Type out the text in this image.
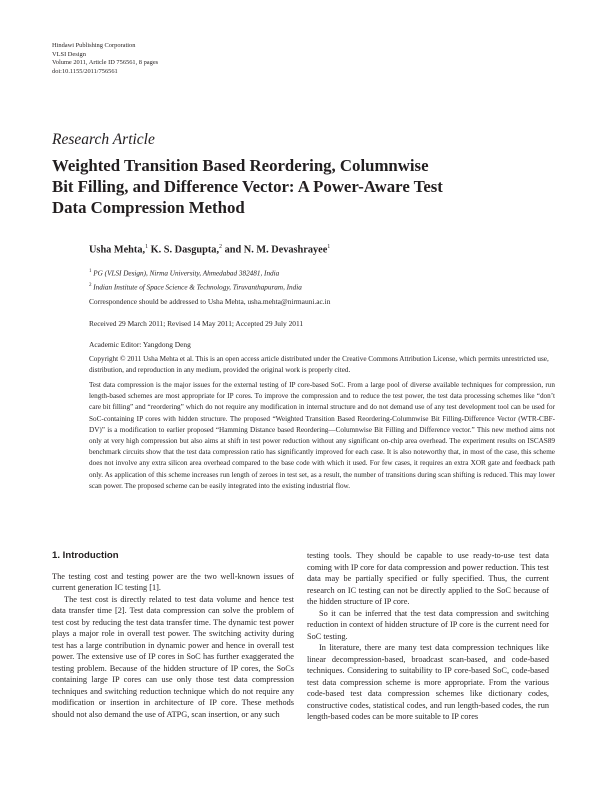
Hindawi Publishing Corporation
VLSI Design
Volume 2011, Article ID 756561, 8 pages
doi:10.1155/2011/756561
Research Article
Weighted Transition Based Reordering, Columnwise
Bit Filling, and Difference Vector: A Power-Aware Test
Data Compression Method
Usha Mehta,$^1$ K. S. Dasgupta,$^2$ and N. M. Devashrayee$^1$
$^1$ PG (VLSI Design), Nirma University, Ahmedabad 382481, India
$^2$ Indian Institute of Space Science & Technology, Tiruvanthapuram, India
Correspondence should be addressed to Usha Mehta, usha.mehta@nirmauni.ac.in
Received 29 March 2011; Revised 14 May 2011; Accepted 29 July 2011
Academic Editor: Yangdong Deng
Copyright © 2011 Usha Mehta et al. This is an open access article distributed under the Creative Commons Attribution License, which permits unrestricted use, distribution, and reproduction in any medium, provided the original work is properly cited.
Test data compression is the major issues for the external testing of IP core-based SoC. From a large pool of diverse available techniques for compression, run length-based schemes are most appropriate for IP cores. To improve the compression and to reduce the test power, the test data processing schemes like “don’t care bit filling” and “reordering” which do not require any modification in internal structure and do not demand use of any test development tool can be used for SoC-containing IP cores with hidden structure. The proposed “Weighted Transition Based Reordering-Columnwise Bit Filling-Difference Vector (WTR-CBF-DV)” is a modification to earlier proposed “Hamming Distance based Reordering—Columnwise Bit Filling and Difference vector.” This new method aims not only at very high compression but also aims at shift in test power reduction without any significant on-chip area overhead. The experiment results on ISCAS89 benchmark circuits show that the test data compression ratio has significantly improved for each case. It is also noteworthy that, in most of the case, this scheme does not involve any extra silicon area overhead compared to the base code with which it used. For few cases, it requires an extra XOR gate and feedback path only. As application of this scheme increases run length of zeroes in test set, as a result, the number of transitions during scan shifting is reduced. This may lower scan power. The proposed scheme can be easily integrated into the existing industrial flow.
1. Introduction

The testing cost and testing power are the two well-known issues of current generation IC testing [1].

The test cost is directly related to test data volume and hence test data transfer time [2]. Test data compression can solve the problem of test cost by reducing the test data transfer time. The dynamic test power plays a major role in overall test power. The switching activity during test has a large contribution in dynamic power and hence in overall test power. The extensive use of IP cores in SoC has further exaggerated the testing problem. Because of the hidden structure of IP cores, the SoCs containing large IP cores can use only those test data compression techniques and switching reduction technique which do not require any modification or insertion in architecture of IP core. These methods should not also demand the use of ATPG, scan insertion, or any such

testing tools. They should be capable to use ready-to-use test data coming with IP core for data compression and power reduction. This test data may be partially specified or fully specified. Thus, the current research on IC testing can not be directly applied to the SoC because of the hidden structure of IP core.

So it can be inferred that the test data compression and switching reduction in context of hidden structure of IP core is the current need for SoC testing.

In literature, there are many test data compression techniques like linear decompression-based, broadcast scan-based, and code-based techniques. Considering to suitability to IP core-based SoC, code-based test data compression scheme is more appropriate. From the various code-based test data compression schemes like dictionary codes, constructive codes, statistical codes, and run length-based codes, the run length-based codes can be more suitable to IP cores
